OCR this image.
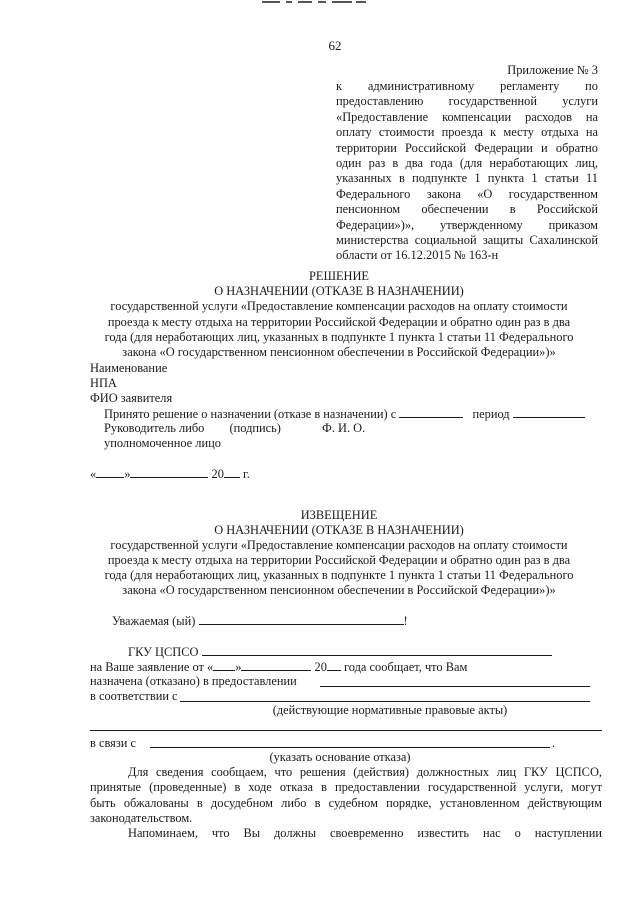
62
Приложение № 3
к административному регламенту по
предоставлению государственной услуги
«Предоставление компенсации расходов на
оплату стоимости проезда к месту отдыха на
территории Российской Федерации и обратно
один раз в два года (для неработающих лиц,
указанных в подпункте 1 пункта 1 статьи 11
Федерального закона «О государственном
пенсионном обеспечении в Российской
Федерации»)», утвержденному приказом
министерства социальной защиты Сахалинской
области от 16.12.2015 № 163-н
РЕШЕНИЕ
О НАЗНАЧЕНИИ (ОТКАЗЕ В НАЗНАЧЕНИИ)
государственной услуги «Предоставление компенсации расходов на оплату стоимости
проезда к месту отдыха на территории Российской Федерации и обратно один раз в два
года (для неработающих лиц, указанных в подпункте 1 пункта 1 статьи 11 Федерального
закона «О государственном пенсионном обеспечении в Российской Федерации»)»
Наименование
НПА
ФИО заявителя
Принято решение о назначении (отказе в назначении) с	период
Руководитель либо (подпись)	Ф. И. О.
уполномоченное лицо
« »	20 г.
ИЗВЕЩЕНИЕ
О НАЗНАЧЕНИИ (ОТКАЗЕ В НАЗНАЧЕНИИ)
государственной услуги «Предоставление компенсации расходов на оплату стоимости
проезда к месту отдыха на территории Российской Федерации и обратно один раз в два
года (для неработающих лиц, указанных в подпункте 1 пункта 1 статьи 11 Федерального
закона «О государственном пенсионном обеспечении в Российской Федерации»)»
Уважаемая (ый)	!
ГКУ ЦСПСО
на Ваше заявление от « »	20 года сообщает, что Вам
назначена (отказано) в предоставлении
в соответствии с
(действующие нормативные правовые акты)
в связи с	.
(указать основание отказа)
Для сведения сообщаем, что решения (действия) должностных лиц ГКУ ЦСПСО,
принятые (проведенные) в ходе отказа в предоставлении государственной услуги, могут
быть обжалованы в досудебном либо в судебном порядке, установленном действующим
законодательством.
Напоминаем, что Вы должны своевременно известить нас о наступлении
